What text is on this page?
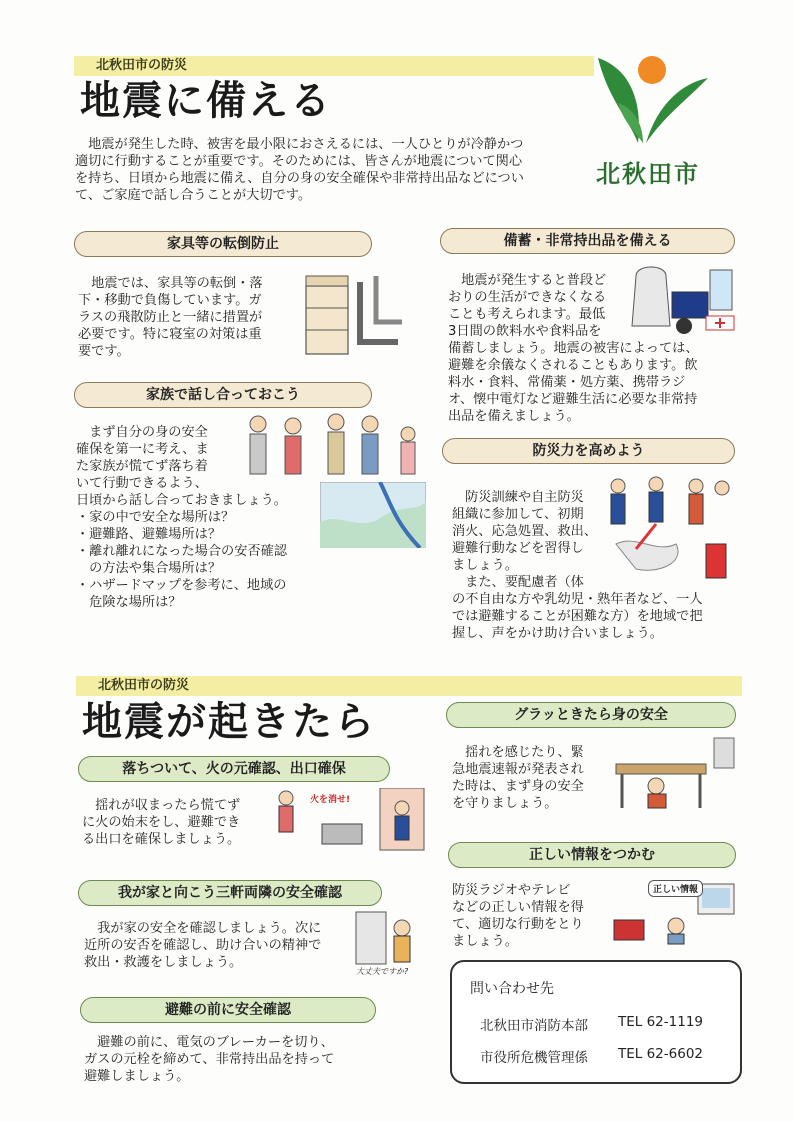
北秋田市の防災
地震に備える
北秋田市
　地震が発生した時、被害を最小限におさえるには、一人ひとりが冷静かつ
適切に行動することが重要です。そのためには、皆さんが地震について関心
を持ち、日頃から地震に備え、自分の身の安全確保や非常持出品などについ
て、ご家庭で話し合うことが大切です。
家具等の転倒防止
　地震では、家具等の転倒・落
下・移動で負傷しています。ガ
ラスの飛散防止と一緒に措置が
必要です。特に寝室の対策は重
要です。
家族で話し合っておこう
　まず自分の身の安全
確保を第一に考え、ま
た家族が慌てず落ち着
いて行動できるよう、
日頃から話し合っておきましょう。
・家の中で安全な場所は？
・避難路、避難場所は？
・離れ離れになった場合の安否確認
　の方法や集合場所は？
・ハザードマップを参考に、地域の
　危険な場所は？
備蓄・非常持出品を備える
　地震が発生すると普段ど
おりの生活ができなくなる
ことも考えられます。最低
3日間の飲料水や食料品を
備蓄しましょう。地震の被害によっては、
避難を余儀なくされることもあります。飲
料水・食料、常備薬・処方薬、携帯ラジ
オ、懐中電灯など避難生活に必要な非常持
出品を備えましょう。
防災力を高めよう
　防災訓練や自主防災
組織に参加して、初期
消火、応急処置、救出、
避難行動などを習得し
ましょう。
　また、要配慮者（体
の不自由な方や乳幼児・熟年者など、一人
では避難することが困難な方）を地域で把
握し、声をかけ助け合いましょう。
北秋田市の防災
地震が起きたら
落ちついて、火の元確認、出口確保
　揺れが収まったら慌てず
に火の始末をし、避難でき
る出口を確保しましょう。
火を消せ!
我が家と向こう三軒両隣の安全確認
　我が家の安全を確認しましょう。次に
近所の安否を確認し、助け合いの精神で
救出・救護をしましょう。
大丈夫ですか?
避難の前に安全確認
　避難の前に、電気のブレーカーを切り、
ガスの元栓を締めて、非常持出品を持って
避難しましょう。
グラッときたら身の安全
　揺れを感じたり、緊
急地震速報が発表され
た時は、まず身の安全
を守りましょう。
正しい情報をつかむ
防災ラジオやテレビ
などの正しい情報を得
て、適切な行動をとり
ましょう。
正しい情報
問い合わせ先
北秋田市消防本部 TEL 62-1119
市役所危機管理係 TEL 62-6602
